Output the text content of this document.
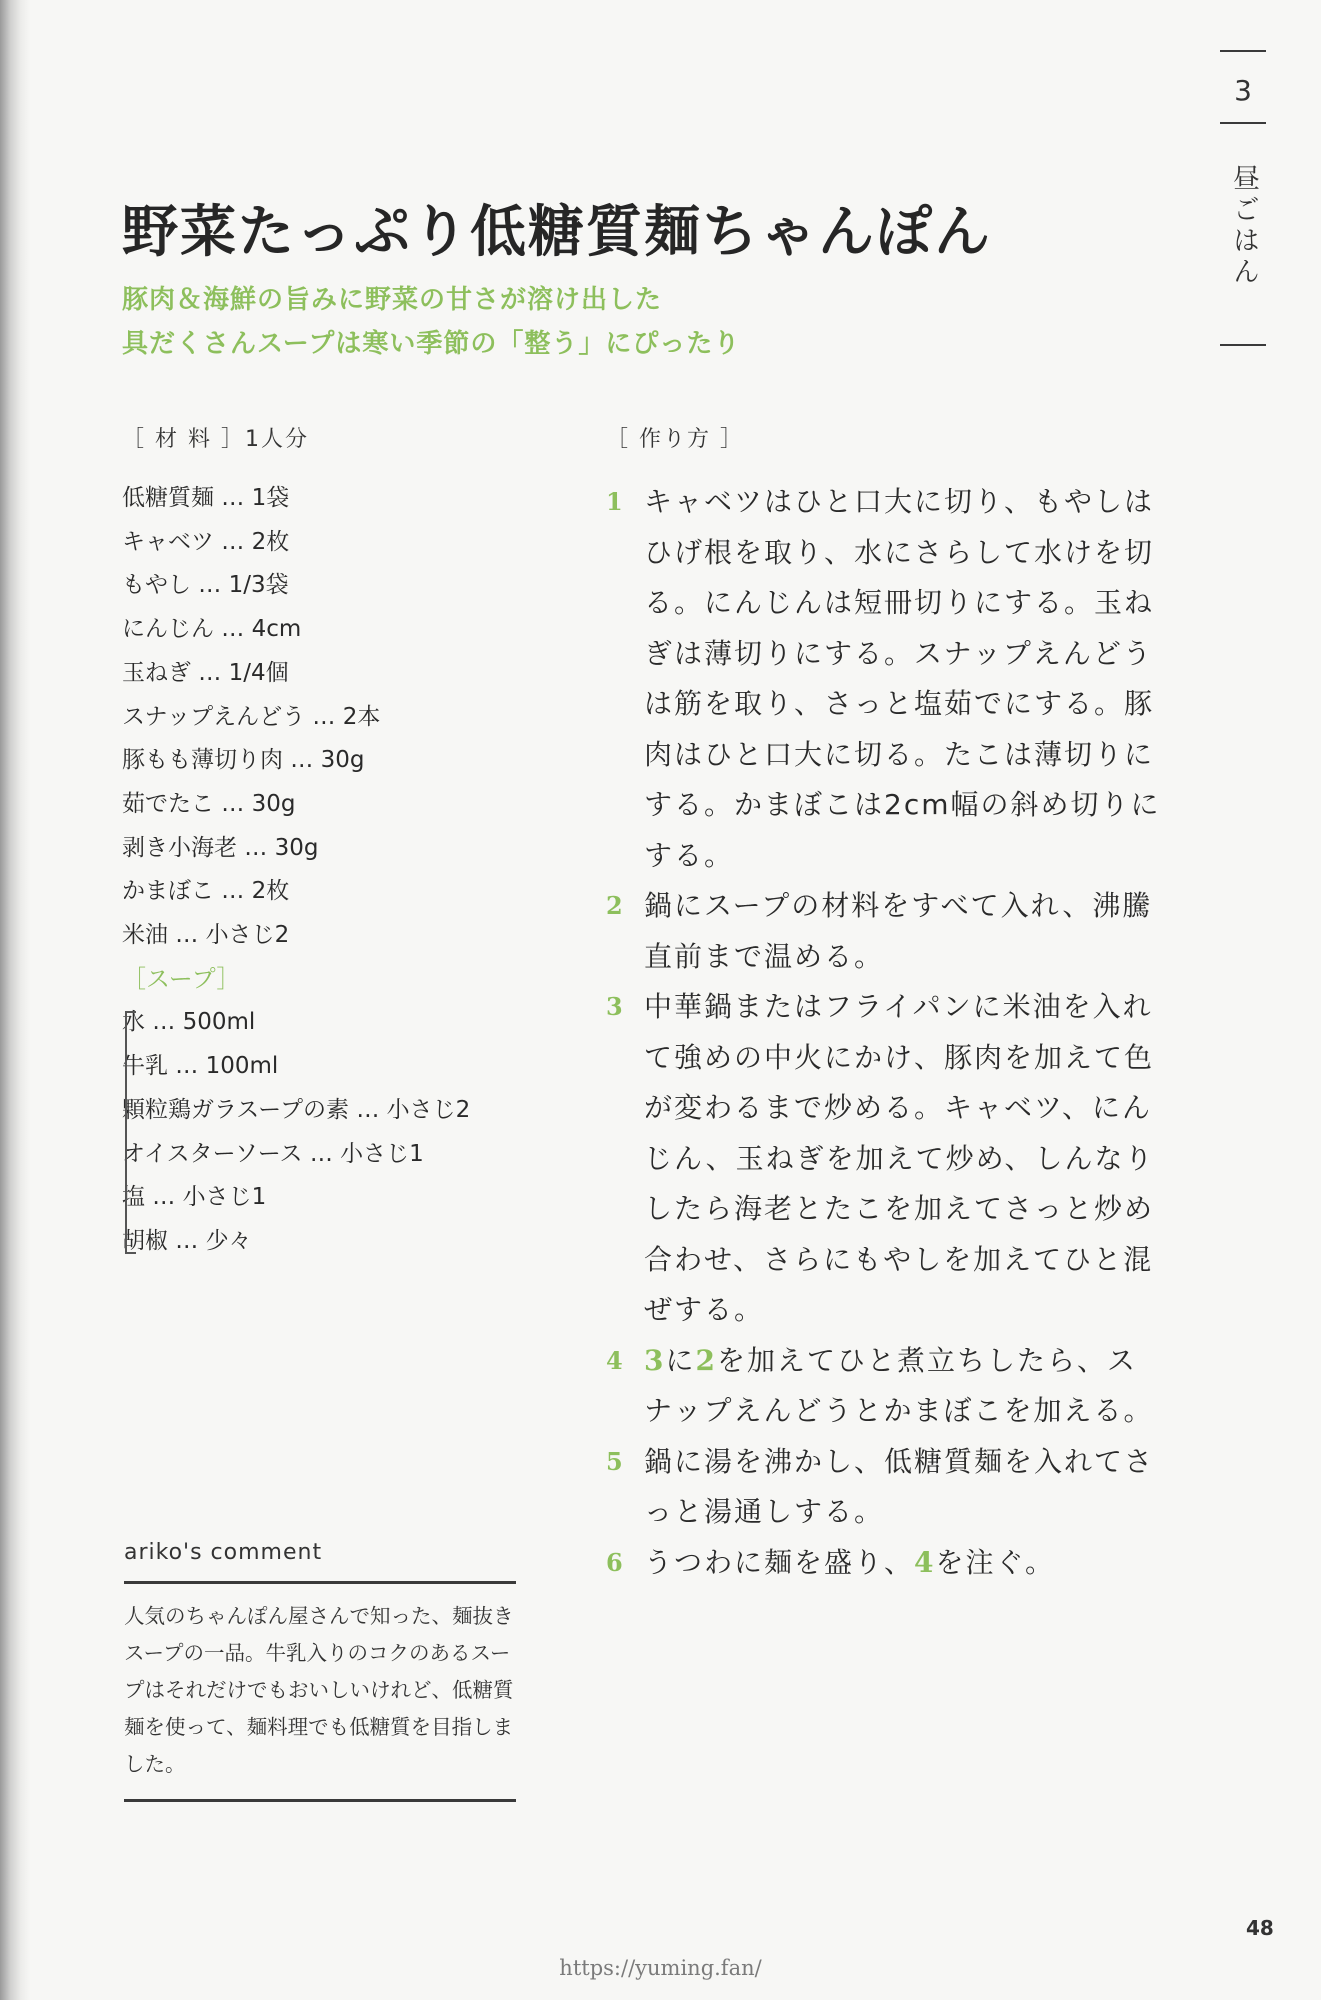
3
昼ごはん
野菜たっぷり低糖質麺ちゃんぽん
豚肉＆海鮮の旨みに野菜の甘さが溶け出した
具だくさんスープは寒い季節の「整う」にぴったり
［ 材 料 ］1人分
低糖質麺 … 1袋
キャベツ … 2枚
もやし … 1/3袋
にんじん … 4cm
玉ねぎ … 1/4個
スナップえんどう … 2本
豚もも薄切り肉 … 30g
茹でたこ … 30g
剥き小海老 … 30g
かまぼこ … 2枚
米油 … 小さじ2
［スープ］
水 … 500ml
牛乳 … 100ml
顆粒鶏ガラスープの素 … 小さじ2
オイスターソース … 小さじ1
塩 … 小さじ1
胡椒 … 少々
［ 作り方 ］
1 キャベツはひと口大に切り、もやしはひげ根を取り、水にさらして水けを切る。にんじんは短冊切りにする。玉ねぎは薄切りにする。スナップえんどうは筋を取り、さっと塩茹でにする。豚肉はひと口大に切る。たこは薄切りにする。かまぼこは2cm幅の斜め切りにする。
2 鍋にスープの材料をすべて入れ、沸騰直前まで温める。
3 中華鍋またはフライパンに米油を入れて強めの中火にかけ、豚肉を加えて色が変わるまで炒める。キャベツ、にんじん、玉ねぎを加えて炒め、しんなりしたら海老とたこを加えてさっと炒め合わせ、さらにもやしを加えてひと混ぜする。
4 3に2を加えてひと煮立ちしたら、スナップえんどうとかまぼこを加える。
5 鍋に湯を沸かし、低糖質麺を入れてさっと湯通しする。
6 うつわに麺を盛り、4を注ぐ。
ariko's comment
人気のちゃんぽん屋さんで知った、麺抜きスープの一品。牛乳入りのコクのあるスープはそれだけでもおいしいけれど、低糖質麺を使って、麺料理でも低糖質を目指しました。
48
https://yuming.fan/
